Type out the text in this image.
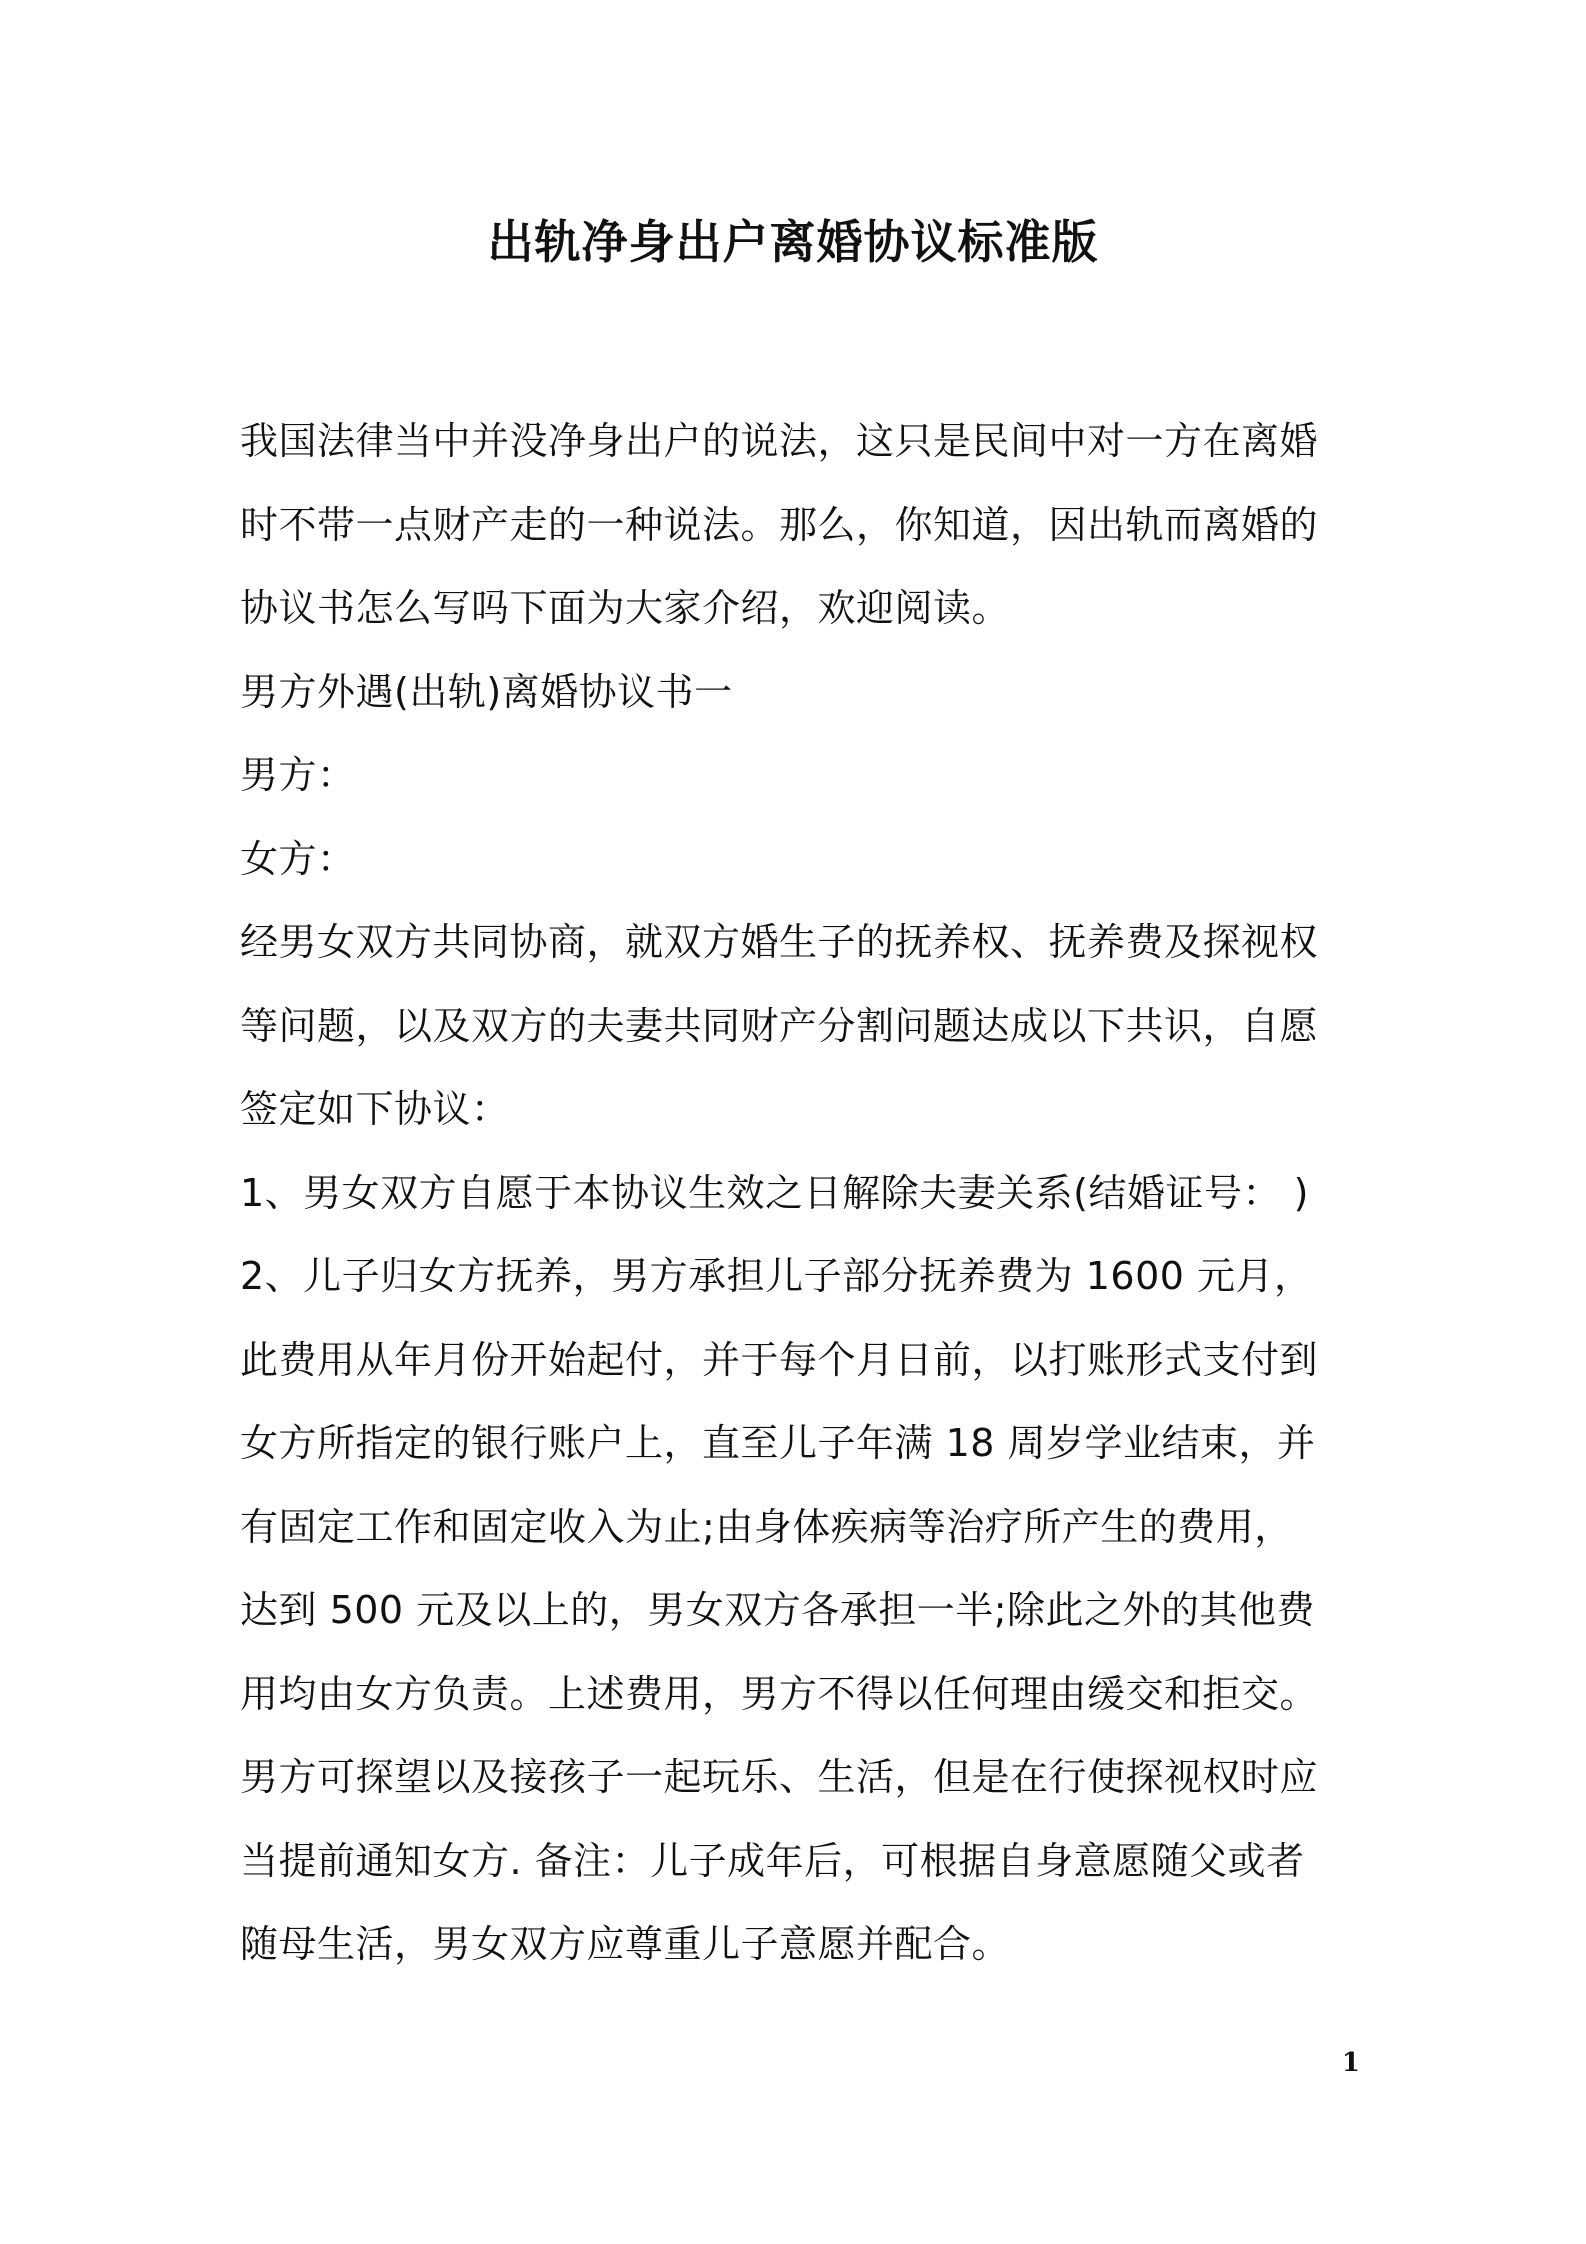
出轨净身出户离婚协议标准版
我国法律当中并没净身出户的说法，这只是民间中对一方在离婚
时不带一点财产走的一种说法。那么，你知道，因出轨而离婚的
协议书怎么写吗下面为大家介绍，欢迎阅读。
男方外遇(出轨)离婚协议书一
男方：
女方：
经男女双方共同协商，就双方婚生子的抚养权、抚养费及探视权
等问题，以及双方的夫妻共同财产分割问题达成以下共识，自愿
签定如下协议：
1、男女双方自愿于本协议生效之日解除夫妻关系(结婚证号： )
2、儿子归女方抚养，男方承担儿子部分抚养费为 1600 元月，
此费用从年月份开始起付，并于每个月日前，以打账形式支付到
女方所指定的银行账户上，直至儿子年满 18 周岁学业结束，并
有固定工作和固定收入为止;由身体疾病等治疗所产生的费用，
达到 500 元及以上的，男女双方各承担一半;除此之外的其他费
用均由女方负责。上述费用，男方不得以任何理由缓交和拒交。
男方可探望以及接孩子一起玩乐、生活，但是在行使探视权时应
当提前通知女方. 备注：儿子成年后，可根据自身意愿随父或者
随母生活，男女双方应尊重儿子意愿并配合。
1
